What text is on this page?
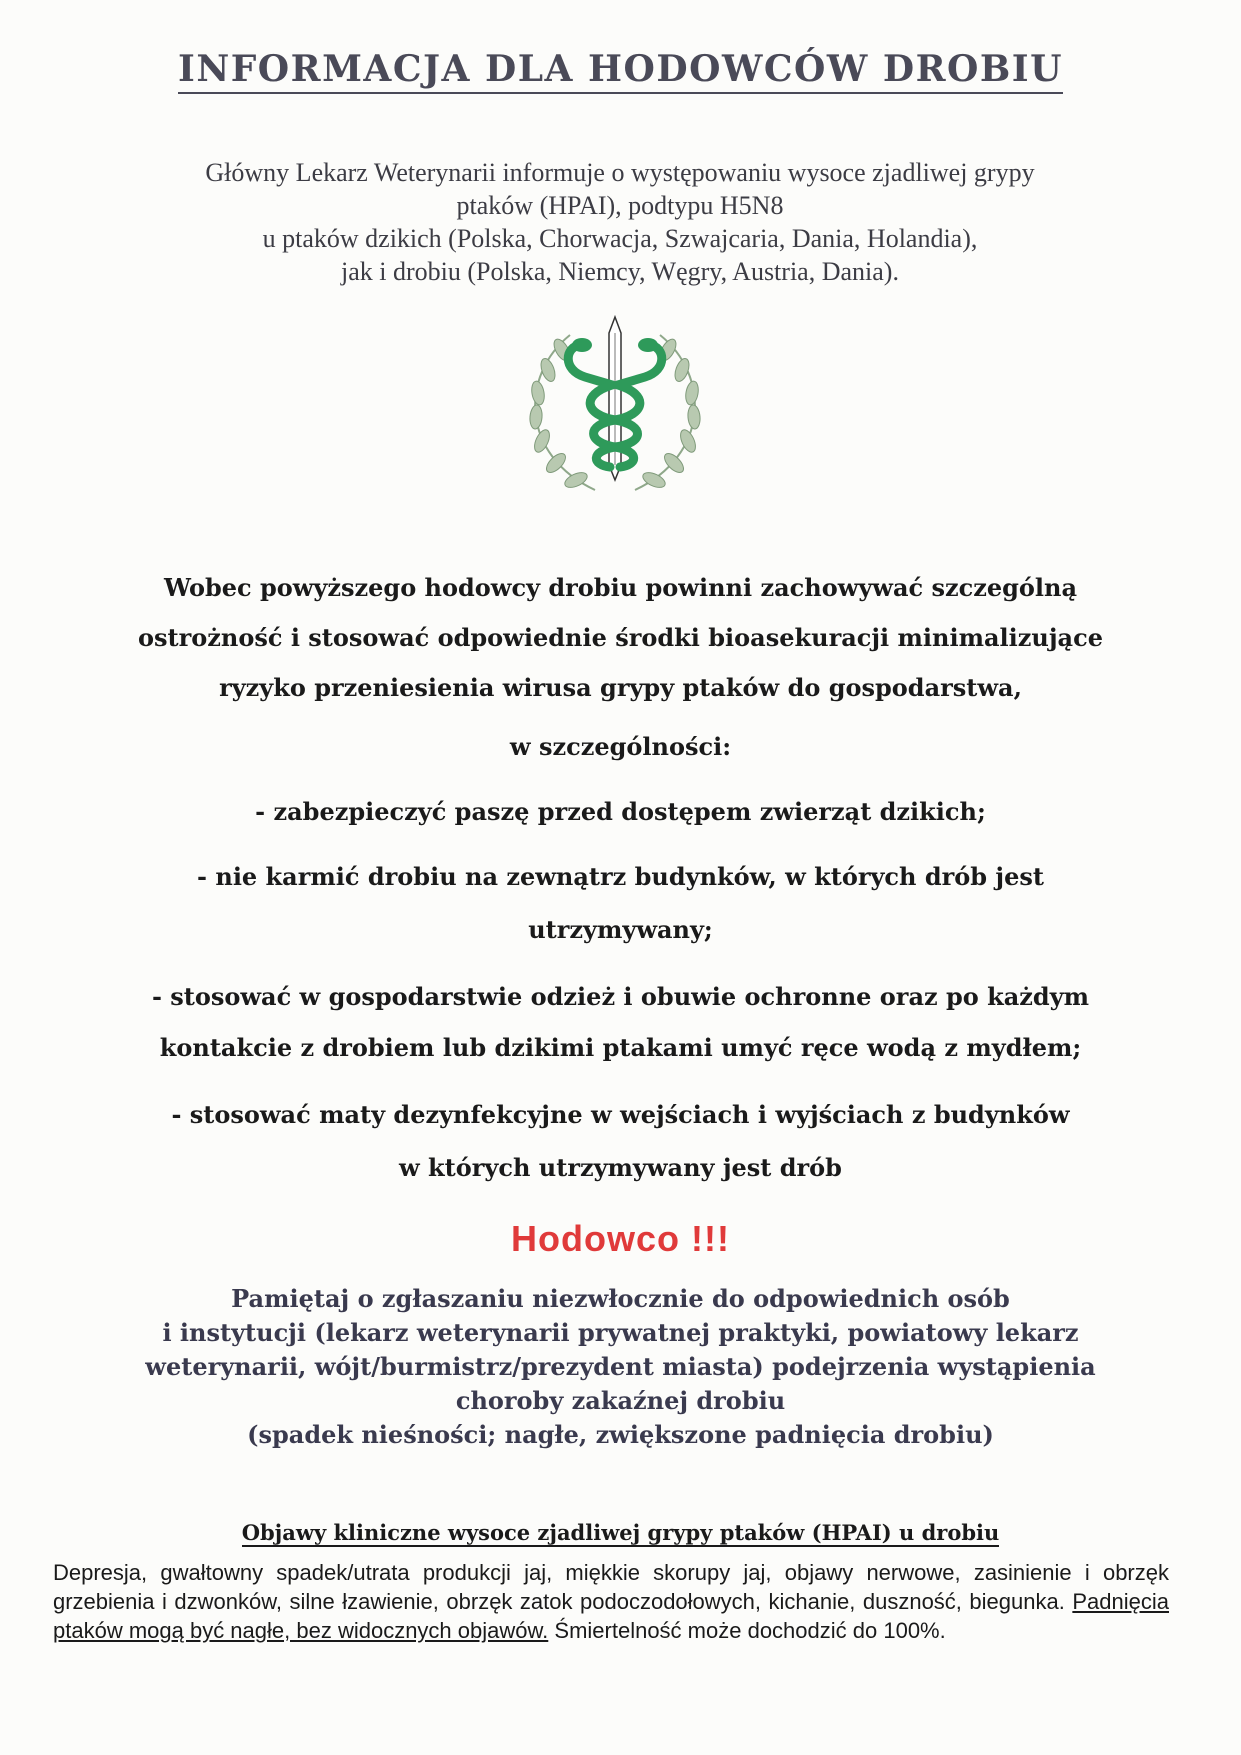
INFORMACJA DLA HODOWCÓW DROBIU
Główny Lekarz Weterynarii informuje o występowaniu wysoce zjadliwej grypy
ptaków (HPAI), podtypu H5N8
u ptaków dzikich (Polska, Chorwacja, Szwajcaria, Dania, Holandia),
jak i drobiu (Polska, Niemcy, Węgry, Austria, Dania).
Wobec powyższego hodowcy drobiu powinni zachowywać szczególną
ostrożność i stosować odpowiednie środki bioasekuracji minimalizujące
ryzyko przeniesienia wirusa grypy ptaków do gospodarstwa,
w szczególności:
- zabezpieczyć paszę przed dostępem zwierząt dzikich;
- nie karmić drobiu na zewnątrz budynków, w których drób jest
utrzymywany;
- stosować w gospodarstwie odzież i obuwie ochronne oraz po każdym
kontakcie z drobiem lub dzikimi ptakami umyć ręce wodą z mydłem;
- stosować maty dezynfekcyjne w wejściach i wyjściach z budynków
w których utrzymywany jest drób
Hodowco !!!
Pamiętaj o zgłaszaniu niezwłocznie do odpowiednich osób
i instytucji (lekarz weterynarii prywatnej praktyki, powiatowy lekarz
weterynarii, wójt/burmistrz/prezydent miasta) podejrzenia wystąpienia
choroby zakaźnej drobiu
(spadek nieśności; nagłe, zwiększone padnięcia drobiu)
Objawy kliniczne wysoce zjadliwej grypy ptaków (HPAI) u drobiu
Depresja, gwałtowny spadek/utrata produkcji jaj, miękkie skorupy jaj, objawy nerwowe, zasinienie i obrzęk grzebienia i dzwonków, silne łzawienie, obrzęk zatok podoczodołowych, kichanie, duszność, biegunka. Padnięcia ptaków mogą być nagłe, bez widocznych objawów. Śmiertelność może dochodzić do 100%.
